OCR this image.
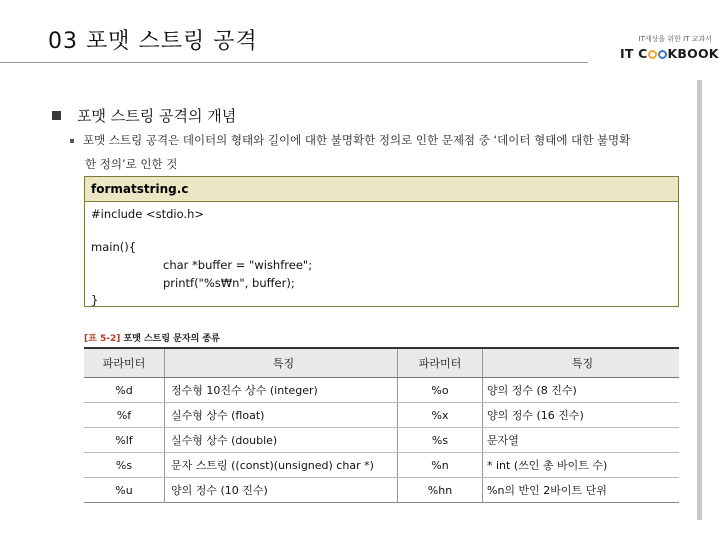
03 포맷 스트링 공격	IT세상을 위한 IT 교과서
IT C KBOOK
포맷 스트링 공격의 개념
포맷 스트링 공격은 데이터의 형태와 길이에 대한 불명확한 정의로 인한 문제점 중 ‘데이터 형태에 대한 불명확
한 정의’로 인한 것
formatstring.c
#include <stdio.h>
main(){
char *buffer = "wishfree";
printf("%s₩n", buffer);
}
[표 5-2] 포맷 스트링 문자의 종류
파라미터	특징	파라미터	특징
%d	정수형 10진수 상수 (integer)	%o	양의 정수 (8 진수)
%f	실수형 상수 (float)	%x	양의 정수 (16 진수)
%lf	실수형 상수 (double)	%s	문자열
%s	문자 스트링 ((const)(unsigned) char *)	%n	* int (쓰인 총 바이트 수)
%u	양의 정수 (10 진수)	%hn	%n의 반인 2바이트 단위
